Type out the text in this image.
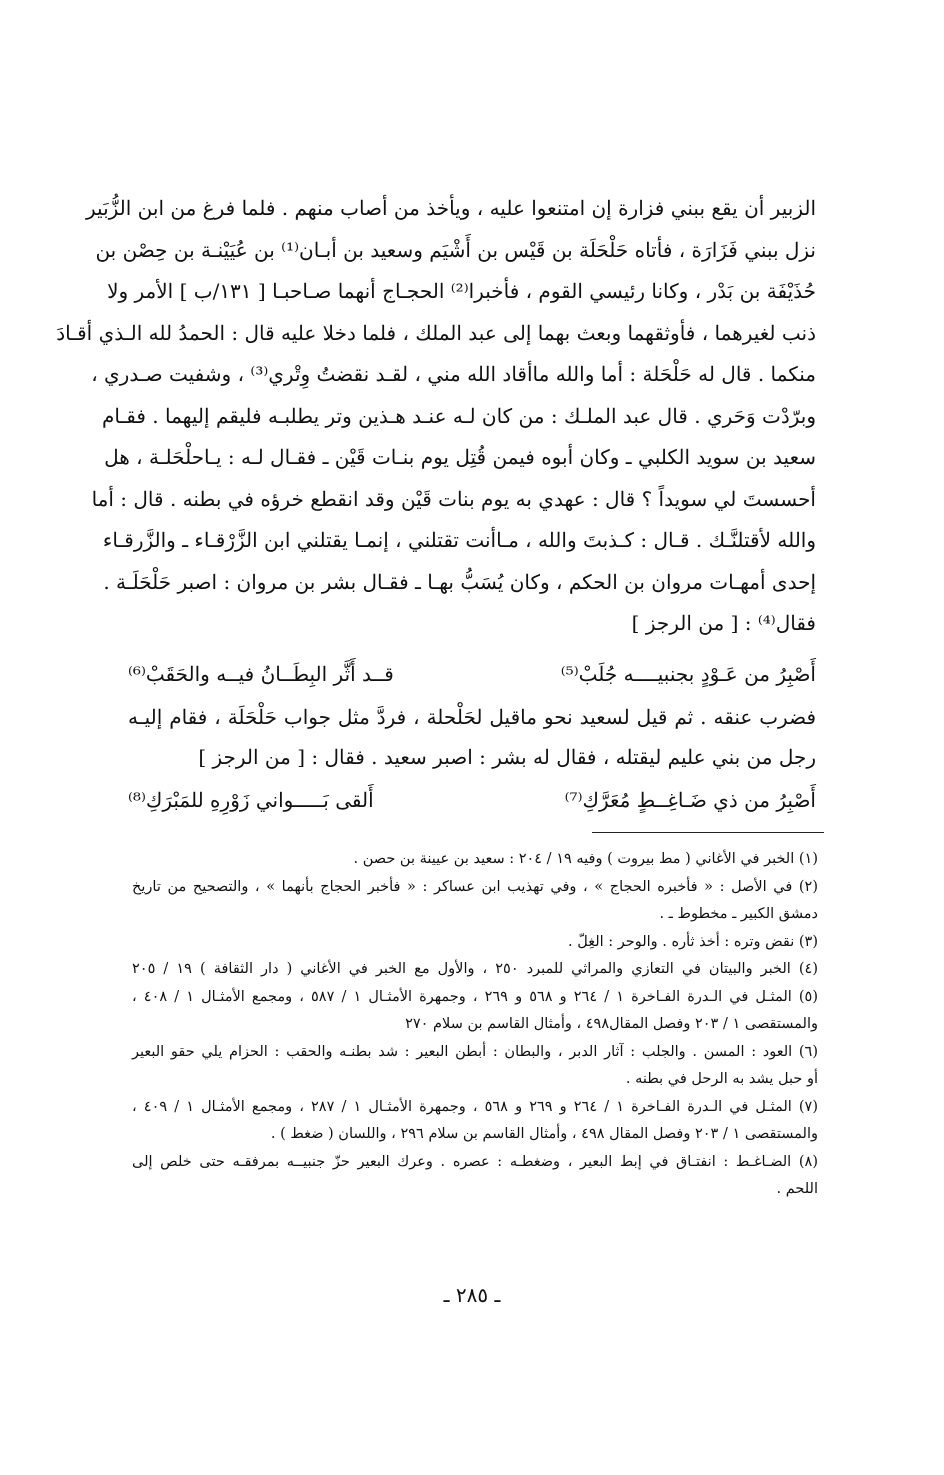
الزبير أن يقع ببني فزارة إن امتنعوا عليه ، ويأخذ من أصاب منهم . فلما فرغ من ابن الزُّبَير
نزل ببني فَزَارَة ، فأتاه حَلْحَلَة بن قَيْس بن أَشْيَم وسعيد بن أبـان⁽¹⁾ بن عُيَيْنـة بن حِصْن بن
حُذَيْفَة بن بَدْر ، وكانا رئيسي القوم ، فأخبرا⁽²⁾ الحجـاج أنهما صـاحبـا [ ١٣١/ب ] الأمر ولا
ذنب لغيرهما ، فأوثقهما وبعث بهما إلى عبد الملك ، فلما دخلا عليه قال : الحمدُ لله الـذي أقـادَ
منكما . قال له حَلْحَلة : أما والله ماأقاد الله مني ، لقـد نقضتُ وِتْري⁽³⁾ ، وشفيت صـدري ،
وبرّدْت وَحَري . قال عبد الملـك : من كان لـه عنـد هـذين وتر يطلبـه فليقم إليهما . فقـام
سعيد بن سويد الكلبي ـ وكان أبوه فيمن قُتِل يوم بنـات قَيْن ـ فقـال لـه : يـاحلْحَلـة ، هل
أحسستَ لي سويداً ؟ قال : عهدي به يوم بنات قَيْن وقد انقطع خرؤه في بطنه . قال : أما
والله لأقتلنَّـك . قـال : كـذبتَ والله ، مـاأنت تقتلني ، إنمـا يقتلني ابن الزَّرْقـاء ـ والزَّرقـاء
إحدى أمهـات مروان بن الحكم ، وكان يُسَبُّ بهـا ـ فقـال بشر بن مروان : اصبر حَلْحَلَـة .
فقال⁽⁴⁾ : [ من الرجز ]
أَصْبِرُ من عَـوْدٍ بجنبيــــه جُلَبْ⁽⁵⁾
قــد أَثَّر البِطَــانُ فيــه والحَقَبْ⁽⁶⁾
فضرب عنقه . ثم قيل لسعيد نحو ماقيل لحَلْحلة ، فردَّ مثل جواب حَلْحَلَة ، فقام إليـه
رجل من بني عليم ليقتله ، فقال له بشر : اصبر سعيد . فقال : [ من الرجز ]
أَصْبِرُ من ذي ضَـاغِــطٍ مُعَرَّكِ⁽⁷⁾
أَلقى بَـــــواني زَوْرِهِ للمَبْرَكِ⁽⁸⁾
(١) الخبر في الأغاني ( مط بيروت ) وفيه ١٩ / ٢٠٤ : سعيد بن عيينة بن حصن .
(٢) في الأصل : « فأخبره الحجاج » ، وفي تهذيب ابن عساكر : « فأخبر الحجاج بأنهما » ، والتصحيح من تاريخ
دمشق الكبير ـ مخطوط ـ .
(٣) نقض وتره : أخذ ثأره . والوحر : الغِلّ .
(٤) الخبر والبيتان في التعازي والمراثي للمبرد ٢٥٠ ، والأول مع الخبر في الأغاني ( دار الثقافة ) ١٩ / ٢٠٥
(٥) المثـل في الـدرة الفـاخرة ١ / ٢٦٤ و ٥٦٨ و ٢٦٩ ، وجمهرة الأمثـال ١ / ٥٨٧ ، ومجمع الأمثـال ١ / ٤٠٨ ،
والمستقصى ١ / ٢٠٣ وفصل المقال٤٩٨ ، وأمثال القاسم بن سلام ٢٧٠
(٦) العود : المسن . والجلب : آثار الدبر ، والبطان : أبطن البعير : شد بطنـه والحقب : الحزام يلي حقو البعير
أو حبل يشد به الرحل في بطنه .
(٧) المثـل في الـدرة الفـاخرة ١ / ٢٦٤ و ٢٦٩ و ٥٦٨ ، وجمهرة الأمثـال ١ / ٢٨٧ ، ومجمع الأمثـال ١ / ٤٠٩ ،
والمستقصى ١ / ٢٠٣ وفصل المقال ٤٩٨ ، وأمثال القاسم بن سلام ٢٩٦ ، واللسان ( ضغط ) .
(٨) الضـاغـط : انفتـاق في إبط البعير ، وضغطـه : عصره . وعرك البعير حزّ جنبيــه بمرفقـه حتى خلص إلى
اللحم .
ـ ٢٨٥ ـ
